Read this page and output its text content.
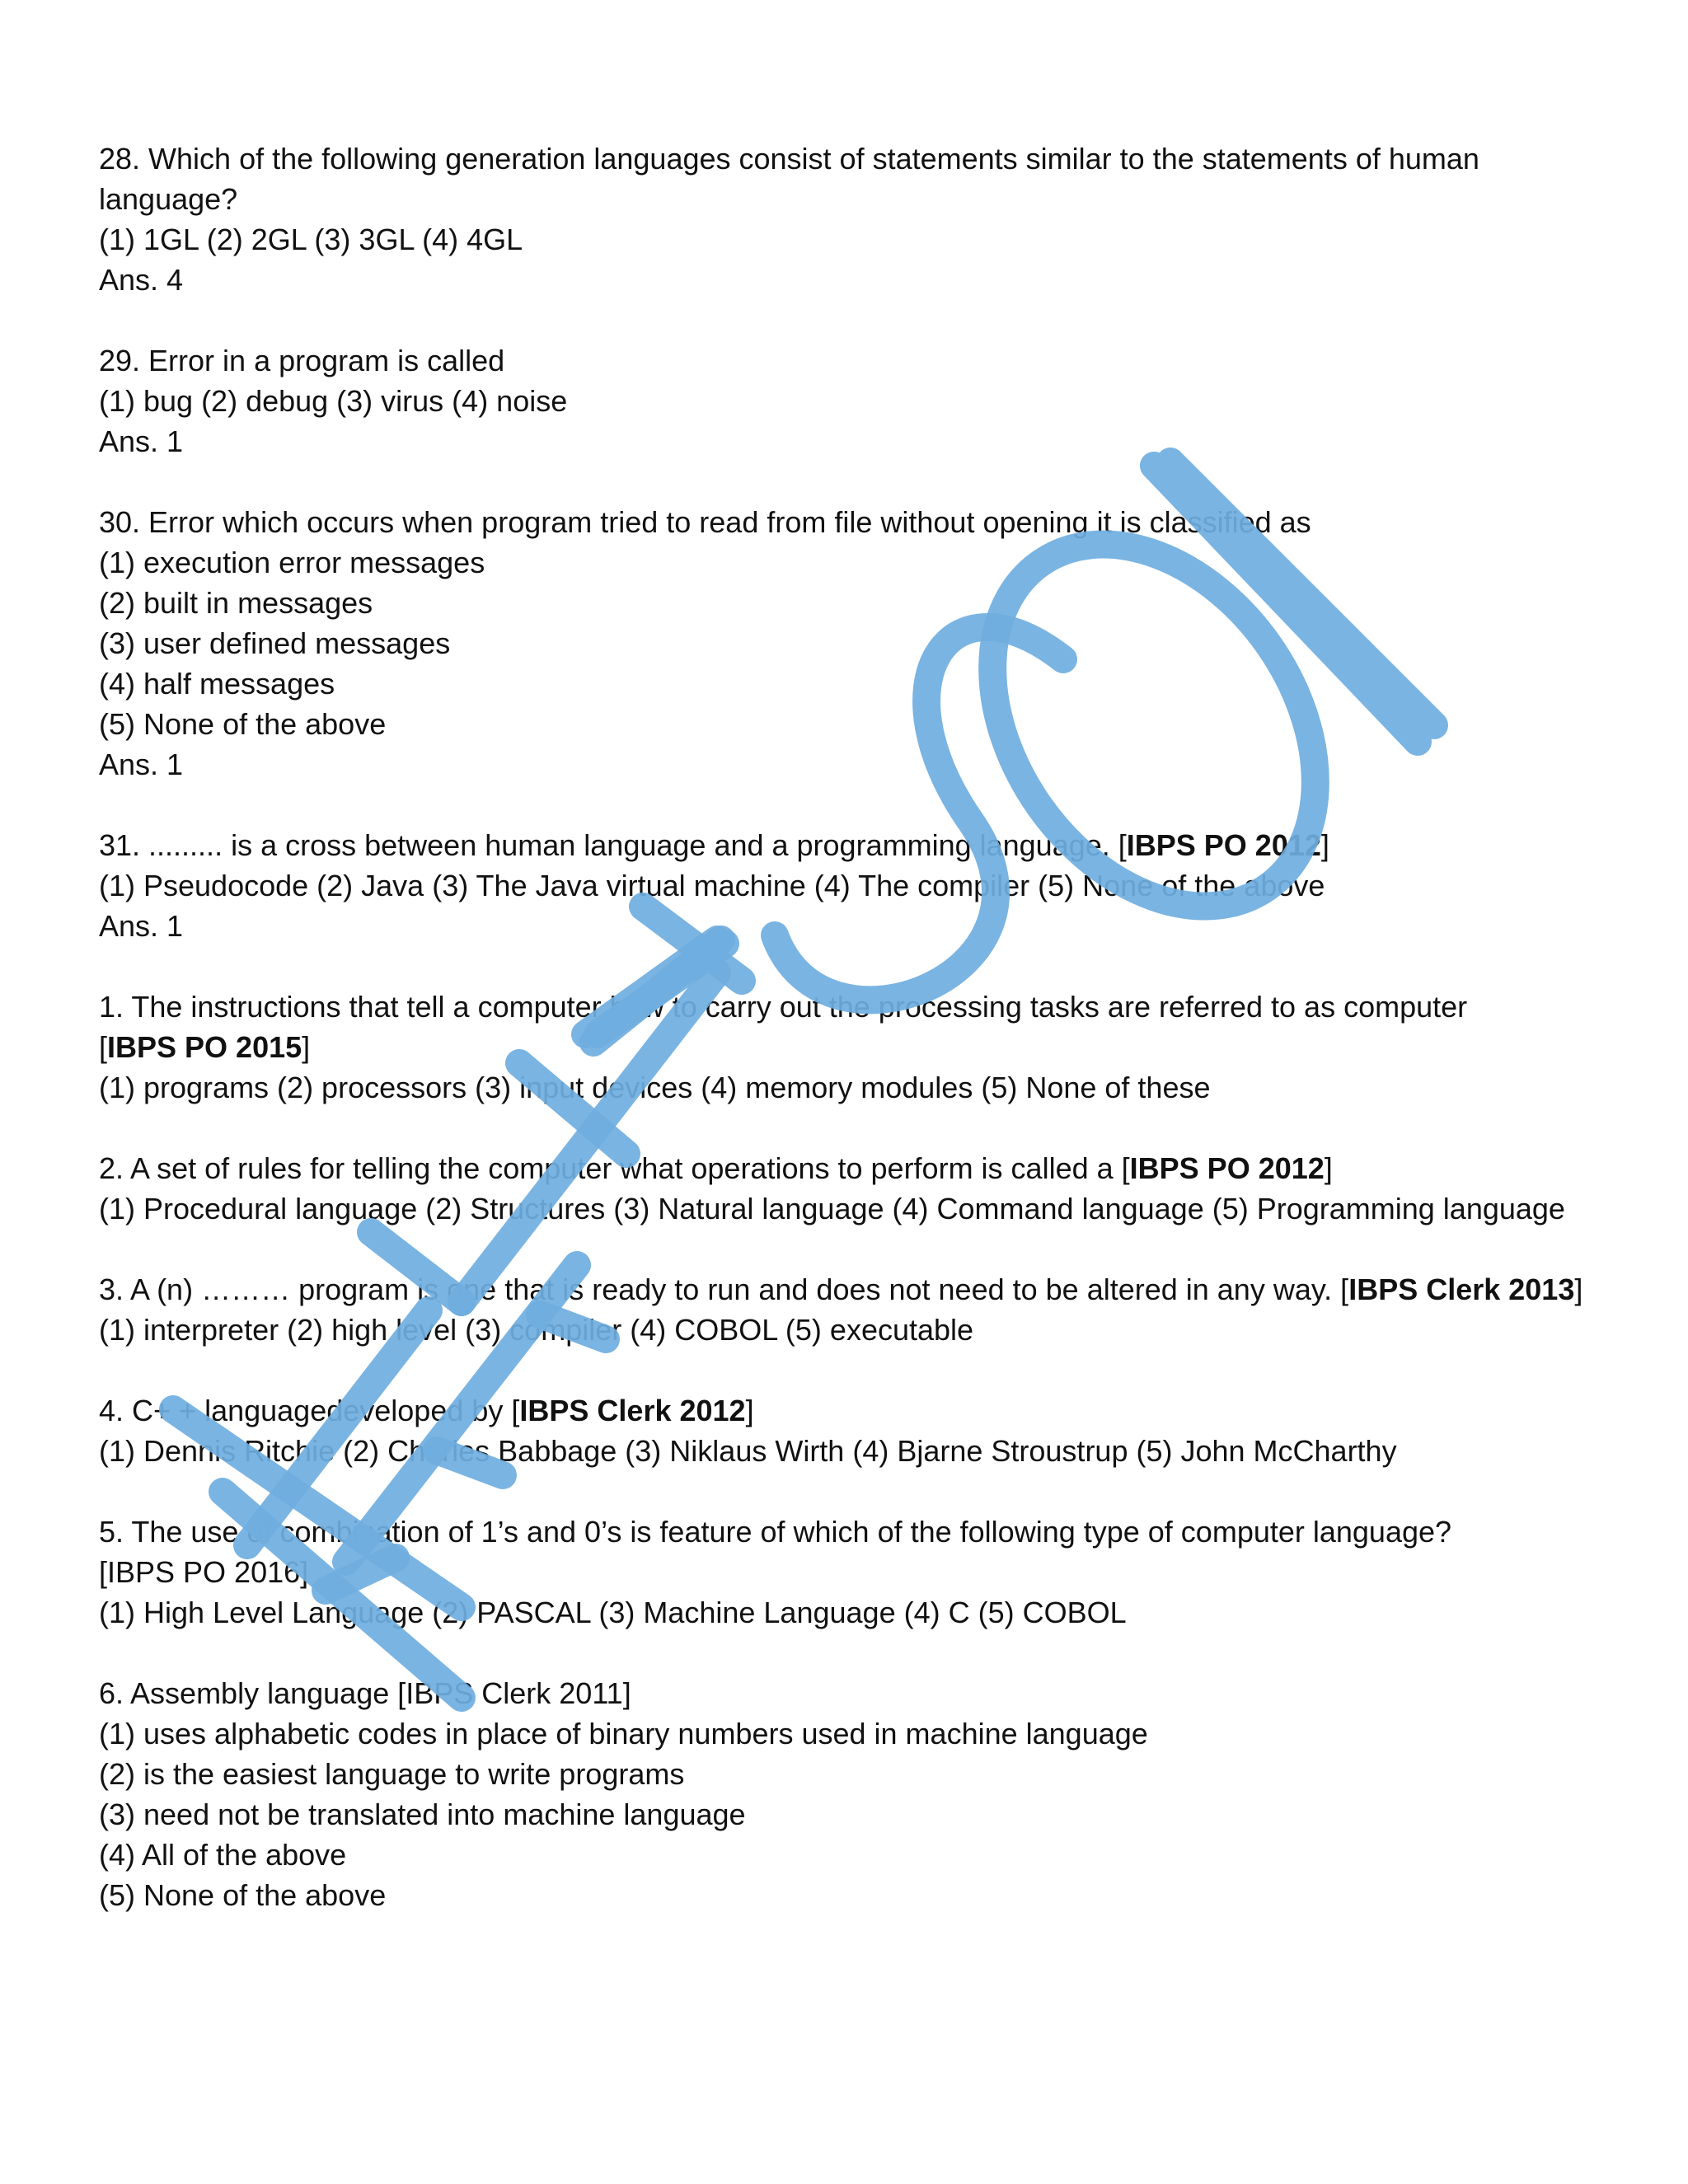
28. Which of the following generation languages consist of statements similar to the statements of human
language?
(1) 1GL (2) 2GL (3) 3GL (4) 4GL
Ans. 4
29. Error in a program is called
(1) bug (2) debug (3) virus (4) noise
Ans. 1
30. Error which occurs when program tried to read from file without opening it is classified as
(1) execution error messages
(2) built in messages
(3) user defined messages
(4) half messages
(5) None of the above
Ans. 1
31. ......... is a cross between human language and a programming language. [IBPS PO 2012]
(1) Pseudocode (2) Java (3) The Java virtual machine (4) The compiler (5) None of the above
Ans. 1
1. The instructions that tell a computer how to carry out the processing tasks are referred to as computer
[IBPS PO 2015]
(1) programs (2) processors (3) input devices (4) memory modules (5) None of these
2. A set of rules for telling the computer what operations to perform is called a [IBPS PO 2012]
(1) Procedural language (2) Structures (3) Natural language (4) Command language (5) Programming language
3. A (n) ……… program is one that is ready to run and does not need to be altered in any way. [IBPS Clerk 2013]
(1) interpreter (2) high level (3) compiler (4) COBOL (5) executable
4. C+ + languagedeveloped by [IBPS Clerk 2012]
(1) Dennis Ritchie (2) Charles Babbage (3) Niklaus Wirth (4) Bjarne Stroustrup (5) John McCharthy
5. The use of combination of 1’s and 0’s is feature of which of the following type of computer language?
[IBPS PO 2016]
(1) High Level Language (2) PASCAL (3) Machine Language (4) C (5) COBOL
6. Assembly language [IBPS Clerk 2011]
(1) uses alphabetic codes in place of binary numbers used in machine language
(2) is the easiest language to write programs
(3) need not be translated into machine language
(4) All of the above
(5) None of the above
